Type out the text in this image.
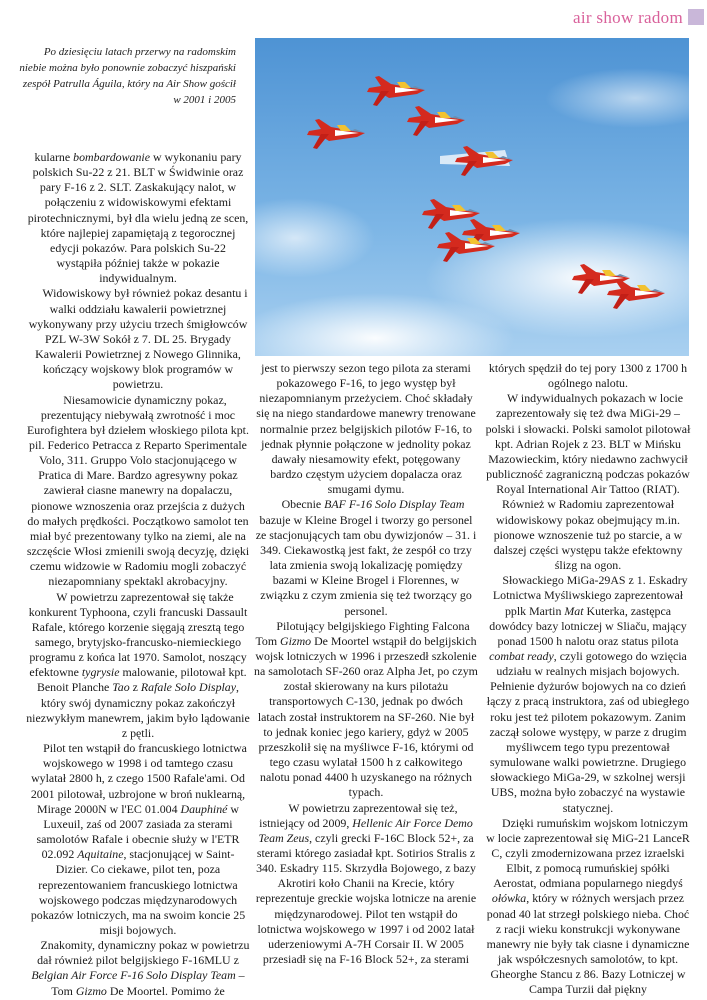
air show radom
Po dziesięciu latach przerwy na radomskim niebie można było ponownie zobaczyć hiszpański zespół Patrulla Águila, który na Air Show gościł w 2001 i 2005

kularne bombardowanie w wykonaniu pary polskich Su-22 z 21. BLT w Świdwinie oraz pary F-16 z 2. SLT. Zaskakujący nalot, w połączeniu z widowiskowymi efektami pirotechnicznymi, był dla wielu jedną ze scen, które najlepiej zapamiętają z tegorocznej edycji pokazów. Para polskich Su-22 wystąpiła później także w pokazie indywidualnym.

Widowiskowy był również pokaz desantu i walki oddziału kawalerii powietrznej wykonywany przy użyciu trzech śmigłowców PZL W-3W Sokół z 7. DL 25. Brygady Kawalerii Powietrznej z Nowego Glinnika, kończący wojskowy blok programów w powietrzu.

Niesamowicie dynamiczny pokaz, prezentujący niebywałą zwrotność i moc Eurofightera był dziełem włoskiego pilota kpt. pil. Federico Petracca z Reparto Sperimentale Volo, 311. Gruppo Volo stacjonującego w Pratica di Mare. Bardzo agresywny pokaz zawierał ciasne manewry na dopalaczu, pionowe wznoszenia oraz przejścia z dużych do małych prędkości. Początkowo samolot ten miał być prezentowany tylko na ziemi, ale na szczęście Włosi zmienili swoją decyzję, dzięki czemu widzowie w Radomiu mogli zobaczyć niezapomniany spektakl akrobacyjny.

W powietrzu zaprezentował się także konkurent Typhoona, czyli francuski Dassault Rafale, którego korzenie sięgają zresztą tego samego, brytyjsko-francusko-niemieckiego programu z końca lat 1970. Samolot, noszący efektowne tygrysie malowanie, pilotował kpt. Benoit Planche Tao z Rafale Solo Display, który swój dynamiczny pokaz zakończył niezwykłym manewrem, jakim było lądowanie z pętli.

Pilot ten wstąpił do francuskiego lotnictwa wojskowego w 1998 i od tamtego czasu wylatał 2800 h, z czego 1500 Rafale'ami. Od 2001 pilotował, uzbrojone w broń nuklearną, Mirage 2000N w l'EC 01.004 Dauphiné w Luxeuil, zaś od 2007 zasiada za sterami samolotów Rafale i obecnie służy w l'ETR 02.092 Aquitaine, stacjonującej w Saint-Dizier. Co ciekawe, pilot ten, poza reprezentowaniem francuskiego lotnictwa wojskowego podczas międzynarodowych pokazów lotniczych, ma na swoim koncie 25 misji bojowych.

Znakomity, dynamiczny pokaz w powietrzu dał również pilot belgijskiego F-16MLU z Belgian Air Force F-16 Solo Display Team –Tom Gizmo De Moortel. Pomimo że

jest to pierwszy sezon tego pilota za sterami pokazowego F-16, to jego występ był niezapomnianym przeżyciem. Choć składały się na niego standardowe manewry trenowane normalnie przez belgijskich pilotów F-16, to jednak płynnie połączone w jednolity pokaz dawały niesamowity efekt, potęgowany bardzo częstym użyciem dopalacza oraz smugami dymu.

Obecnie BAF F-16 Solo Display Team bazuje w Kleine Brogel i tworzy go personel ze stacjonujących tam obu dywizjonów – 31. i 349. Ciekawostką jest fakt, że zespół co trzy lata zmienia swoją lokalizację pomiędzy bazami w Kleine Brogel i Florennes, w związku z czym zmienia się też tworzący go personel.

Pilotujący belgijskiego Fighting Falcona Tom Gizmo De Moortel wstąpił do belgijskich wojsk lotniczych w 1996 i przeszedł szkolenie na samolotach SF-260 oraz Alpha Jet, po czym został skierowany na kurs pilotażu transportowych C-130, jednak po dwóch latach został instruktorem na SF-260. Nie był to jednak koniec jego kariery, gdyż w 2005 przeszkolił się na myśliwce F-16, którymi od tego czasu wylatał 1500 h z całkowitego nalotu ponad 4400 h uzyskanego na różnych typach.

W powietrzu zaprezentował się też, istniejący od 2009, Hellenic Air Force Demo Team Zeus, czyli grecki F-16C Block 52+, za sterami którego zasiadał kpt. Sotirios Stralis z 340. Eskadry 115. Skrzydła Bojowego, z bazy Akrotiri koło Chanii na Krecie, który reprezentuje greckie wojska lotnicze na arenie międzynarodowej. Pilot ten wstąpił do lotnictwa wojskowego w 1997 i od 2002 latał uderzeniowymi A-7H Corsair II. W 2005 przesiadł się na F-16 Block 52+, za sterami

których spędził do tej pory 1300 z 1700 h ogólnego nalotu.

W indywidualnych pokazach w locie zaprezentowały się też dwa MiGi-29 – polski i słowacki. Polski samolot pilotował kpt. Adrian Rojek z 23. BLT w Mińsku Mazowieckim, który niedawno zachwycił publiczność zagraniczną podczas pokazów Royal International Air Tattoo (RIAT). Również w Radomiu zaprezentował widowiskowy pokaz obejmujący m.in. pionowe wznoszenie tuż po starcie, a w dalszej części występu także efektowny ślizg na ogon.

Słowackiego MiGa-29AS z 1. Eskadry Lotnictwa Myśliwskiego zaprezentował pplk Martin Mat Kuterka, zastępca dowódcy bazy lotniczej w Sliaču, mający ponad 1500 h nalotu oraz status pilota combat ready, czyli gotowego do wzięcia udziału w realnych misjach bojowych. Pełnienie dyżurów bojowych na co dzień łączy z pracą instruktora, zaś od ubiegłego roku jest też pilotem pokazowym. Zanim zaczął solowe występy, w parze z drugim myśliwcem tego typu prezentował symulowane walki powietrzne. Drugiego słowackiego MiGa-29, w szkolnej wersji UBS, można było zobaczyć na wystawie statycznej.

Dzięki rumuńskim wojskom lotniczym w locie zaprezentował się MiG-21 LanceR C, czyli zmodernizowana przez izraelski Elbit, z pomocą rumuńskiej spółki Aerostat, odmiana popularnego niegdyś ołówka, który w różnych wersjach przez ponad 40 lat strzegł polskiego nieba. Choć z racji wieku konstrukcji wykonywane manewry nie były tak ciasne i dynamiczne jak współczesnych samolotów, to kpt. Gheorghe Stancu z 86. Bazy Lotniczej w Campa Turzii dał piękny
